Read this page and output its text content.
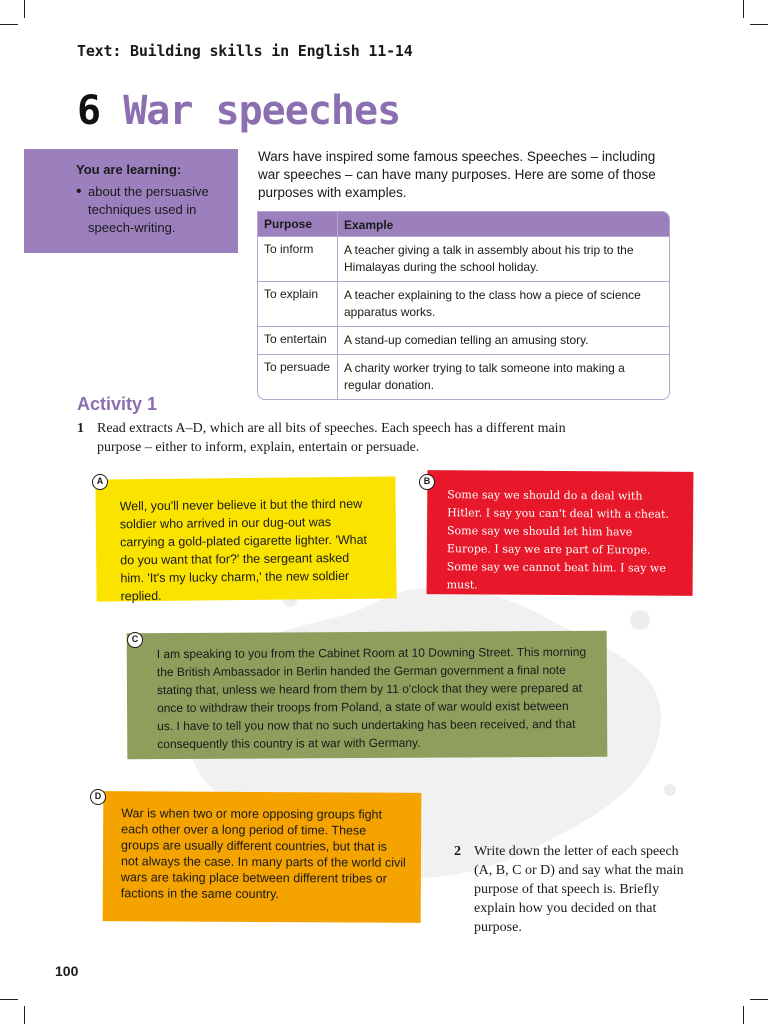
Text: Building skills in English 11-14
6 War speeches
You are learning:
• about the persuasive techniques used in speech-writing.
Wars have inspired some famous speeches. Speeches – including war speeches – can have many purposes. Here are some of those purposes with examples.
Purpose	Example
To inform	A teacher giving a talk in assembly about his trip to the Himalayas during the school holiday.
To explain	A teacher explaining to the class how a piece of science apparatus works.
To entertain	A stand-up comedian telling an amusing story.
To persuade	A charity worker trying to talk someone into making a regular donation.
Activity 1
1 Read extracts A–D, which are all bits of speeches. Each speech has a different main purpose – either to inform, explain, entertain or persuade.
Well, you'll never believe it but the third new soldier who arrived in our dug-out was carrying a gold-plated cigarette lighter. 'What do you want that for?' the sergeant asked him. 'It's my lucky charm,' the new soldier replied.
Some say we should do a deal with Hitler. I say you can't deal with a cheat. Some say we should let him have Europe. I say we are part of Europe. Some say we cannot beat him. I say we must.
I am speaking to you from the Cabinet Room at 10 Downing Street. This morning the British Ambassador in Berlin handed the German government a final note stating that, unless we heard from them by 11 o'clock that they were prepared at once to withdraw their troops from Poland, a state of war would exist between us. I have to tell you now that no such undertaking has been received, and that consequently this country is at war with Germany.
War is when two or more opposing groups fight each other over a long period of time. These groups are usually different countries, but that is not always the case. In many parts of the world civil wars are taking place between different tribes or factions in the same country.
A	B
C
D
2 Write down the letter of each speech (A, B, C or D) and say what the main purpose of that speech is. Briefly explain how you decided on that purpose.
100
